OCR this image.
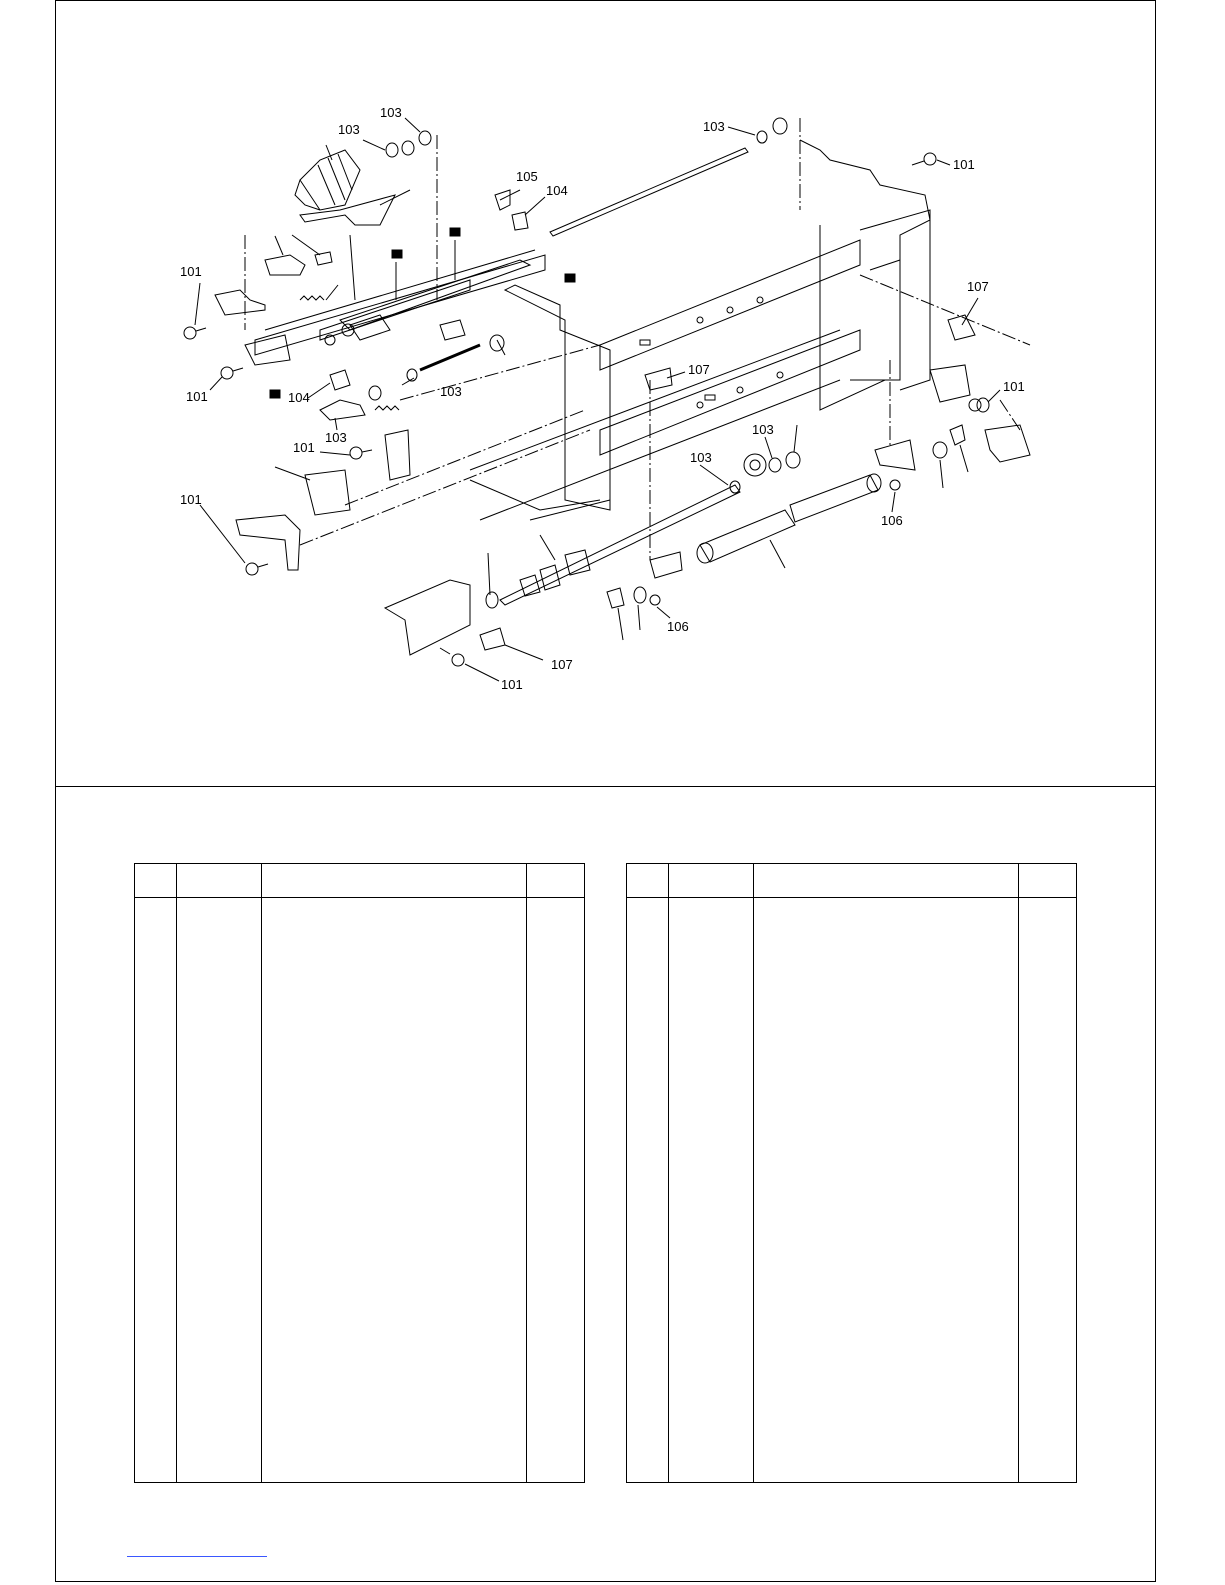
101
101
101
101
101
101
101
103
103	103
103
103
103
103
104
104
105
106
106
107
107
107
